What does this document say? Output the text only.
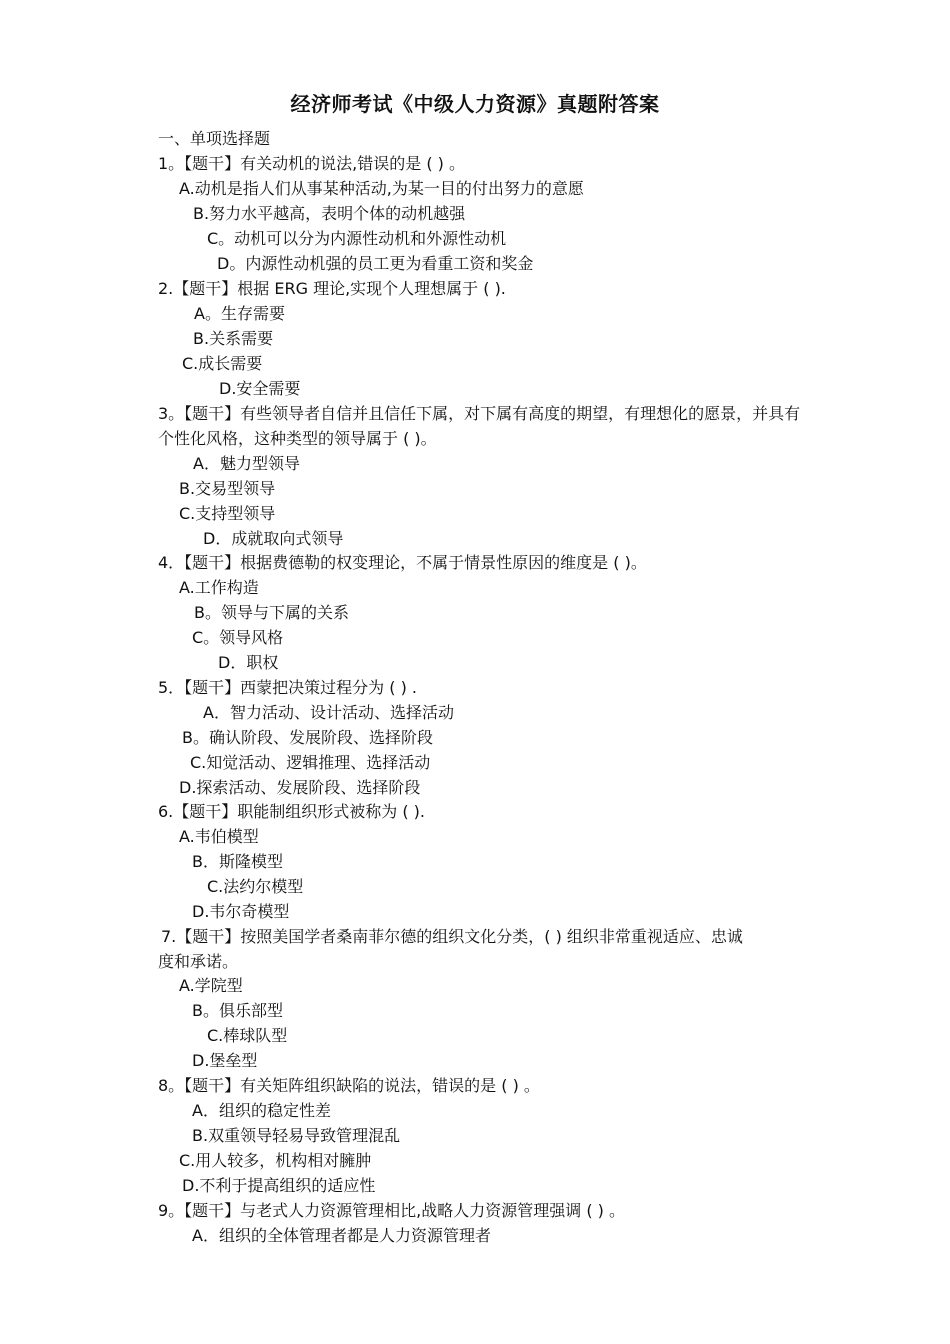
经济师考试《中级人力资源》真题附答案
一、单项选择题
1。【题干】有关动机的说法,错误的是 ( ) 。
A.动机是指人们从事某种活动,为某一目的付出努力的意愿
B.努力水平越高，表明个体的动机越强
C。动机可以分为内源性动机和外源性动机
D。内源性动机强的员工更为看重工资和奖金
2.【题干】根据 ERG 理论,实现个人理想属于 ( ).
A。生存需要
B.关系需要
C.成长需要
D.安全需要
3。【题干】有些领导者自信并且信任下属，对下属有高度的期望，有理想化的愿景，并具有
个性化风格，这种类型的领导属于 ( )。
A．魅力型领导
B.交易型领导
C.支持型领导
D．成就取向式领导
4．【题干】根据费德勒的权变理论，不属于情景性原因的维度是 ( )。
A.工作构造
B。领导与下属的关系
C。领导风格
D．职权
5．【题干】西蒙把决策过程分为 ( ) .
A．智力活动、设计活动、选择活动
B。确认阶段、发展阶段、选择阶段
C.知觉活动、逻辑推理、选择活动
D.探索活动、发展阶段、选择阶段
6.【题干】职能制组织形式被称为 ( ).
A.韦伯模型
B．斯隆模型
C.法约尔模型
D.韦尔奇模型
7.【题干】按照美国学者桑南菲尔德的组织文化分类，( ) 组织非常重视适应、忠诚
度和承诺。
A.学院型
B。俱乐部型
C.棒球队型
D.堡垒型
8。【题干】有关矩阵组织缺陷的说法，错误的是 ( ) 。
A．组织的稳定性差
B.双重领导轻易导致管理混乱
C.用人较多，机构相对臃肿
D.不利于提高组织的适应性
9。【题干】与老式人力资源管理相比,战略人力资源管理强调 ( ) 。
A．组织的全体管理者都是人力资源管理者
